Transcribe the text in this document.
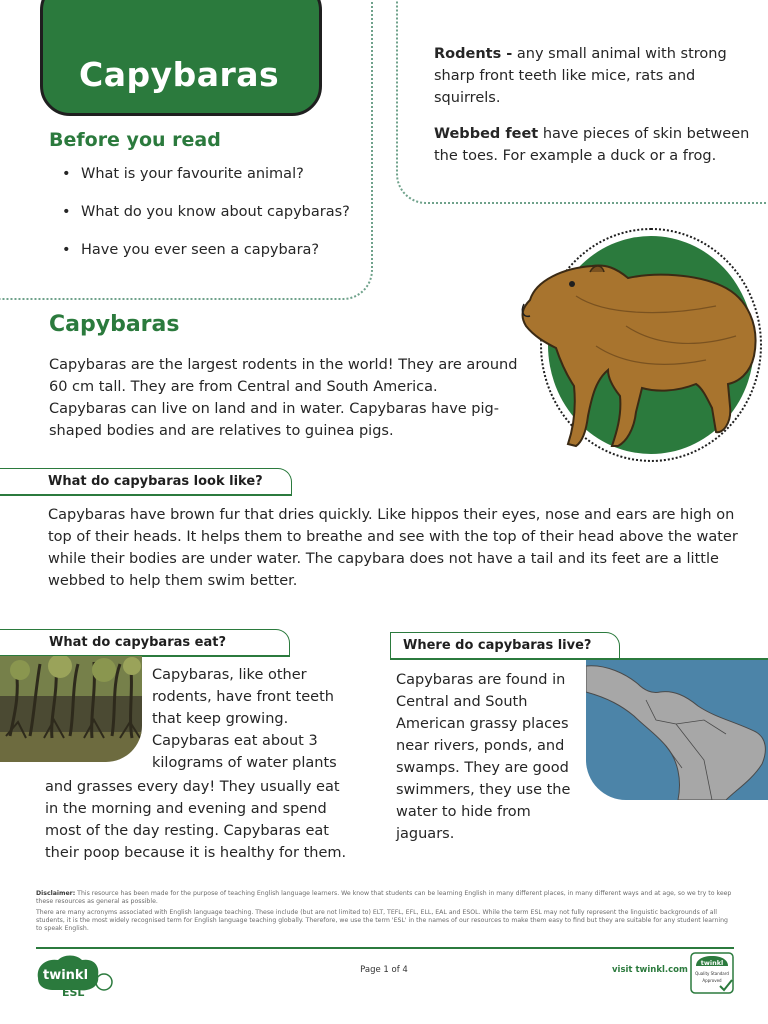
Capybaras
Before you read
• What is your favourite animal?
• What do you know about capybaras?
• Have you ever seen a capybara?

Rodents - any small animal with strong sharp front teeth like mice, rats and squirrels.

Webbed feet have pieces of skin between the toes. For example a duck or a frog.

Capybaras

Capybaras are the largest rodents in the world! They are around 60 cm tall. They are from Central and South America. Capybaras can live on land and in water. Capybaras have pig-shaped bodies and are relatives to guinea pigs.

What do capybaras look like?

Capybaras have brown fur that dries quickly. Like hippos their eyes, nose and ears are high on top of their heads. It helps them to breathe and see with the top of their head above the water while their bodies are under water. The capybara does not have a tail and its feet are a little webbed to help them swim better.

What do capybaras eat?

Capybaras, like other rodents, have front teeth that keep growing. Capybaras eat about 3 kilograms of water plants

and grasses every day! They usually eat in the morning and evening and spend most of the day resting. Capybaras eat their poop because it is healthy for them.

Where do capybaras live?

Capybaras are found in Central and South American grassy places near rivers, ponds, and swamps. They are good swimmers, they use the water to hide from jaguars.

Disclaimer: This resource has been made for the purpose of teaching English language learners. We know that students can be learning English in many different places, in many different ways and at age, so we try to keep these resources as general as possible.

There are many acronyms associated with English language teaching. These include (but are not limited to) ELT, TEFL, EFL, ELL, EAL and ESOL. While the term ESL may not fully represent the linguistic backgrounds of all students, it is the most widely recognised term for English language teaching globally. Therefore, we use the term 'ESL' in the names of our resources to make them easy to find but they are suitable for any student learning to speak English.

twinkl
ESL
Page 1 of 4	visit twinkl.com
twinkl
Quality Standard
Approved
